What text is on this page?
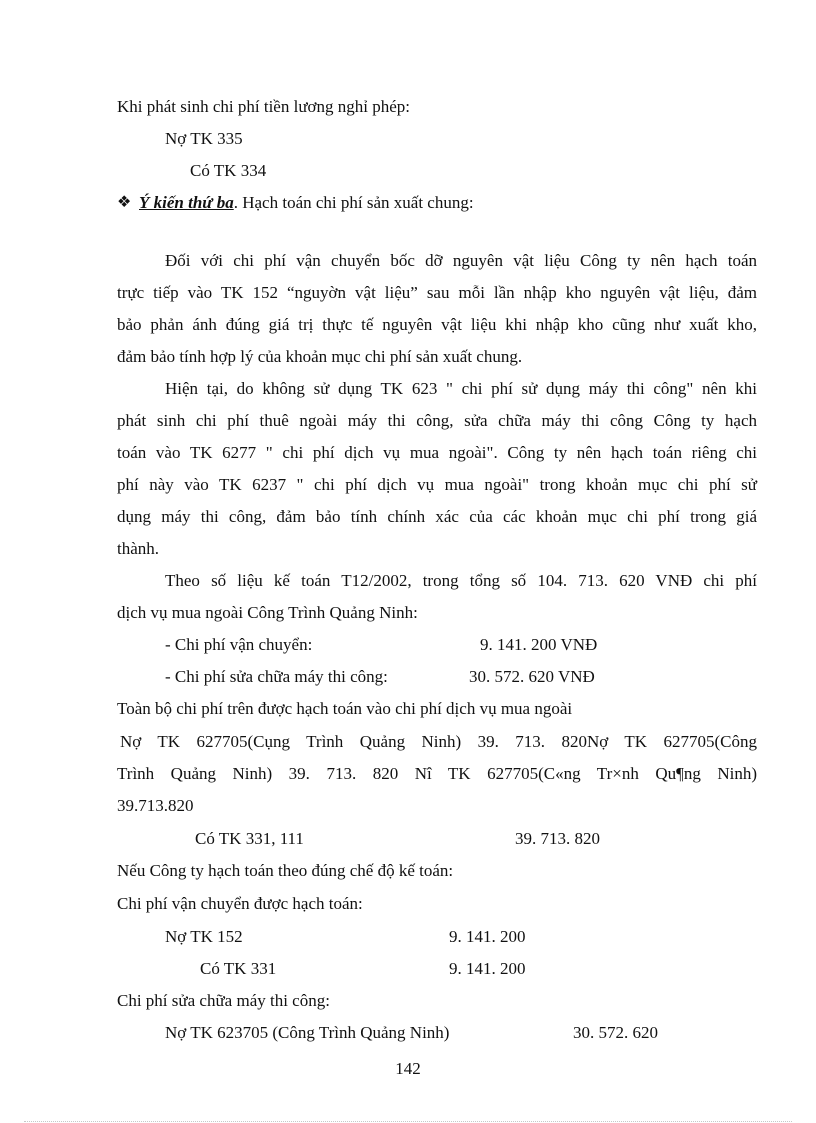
Khi phát sinh chi phí tiền lương nghỉ phép:
Nợ TK 335
Có TK 334
❖Ý kiến thứ ba. Hạch toán chi phí sản xuất chung:
Đối với chi phí vận chuyển bốc dỡ nguyên vật liệu Công ty nên hạch toán
trực tiếp vào TK 152 “nguyờn vật liệu” sau mỗi lần nhập kho nguyên vật liệu, đảm
bảo phản ánh đúng giá trị thực tế nguyên vật liệu khi nhập kho cũng như xuất kho,
đảm bảo tính hợp lý của khoản mục chi phí sản xuất chung.
Hiện tại, do không sử dụng TK 623 " chi phí sử dụng máy thi công" nên khi
phát sinh chi phí thuê ngoài máy thi công, sửa chữa máy thi công Công ty hạch
toán vào TK 6277 " chi phí dịch vụ mua ngoài". Công ty nên hạch toán riêng chi
phí này vào TK 6237 " chi phí dịch vụ mua ngoài" trong khoản mục chi phí sử
dụng máy thi công, đảm bảo tính chính xác của các khoản mục chi phí trong giá
thành.
Theo số liệu kế toán T12/2002, trong tổng số 104. 713. 620 VNĐ chi phí
dịch vụ mua ngoài Công Trình Quảng Ninh:
- Chi phí vận chuyển:	9. 141. 200 VNĐ
- Chi phí sửa chữa máy thi công:	30. 572. 620 VNĐ
Toàn bộ chi phí trên được hạch toán vào chi phí dịch vụ mua ngoài
Nợ TK 627705(Cụng Trình Quảng Ninh) 39. 713. 820Nợ TK 627705(Công
Trình Quảng Ninh) 39. 713. 820 Nî TK 627705(C«ng Tr×nh Qu¶ng Ninh)
39.713.820
Có TK 331, 111	39. 713. 820
Nếu Công ty hạch toán theo đúng chế độ kế toán:
Chi phí vận chuyển được hạch toán:
Nợ TK 152	9. 141. 200
Có TK 331	9. 141. 200
Chi phí sửa chữa máy thi công:
Nợ TK 623705 (Công Trình Quảng Ninh)	30. 572. 620
142
